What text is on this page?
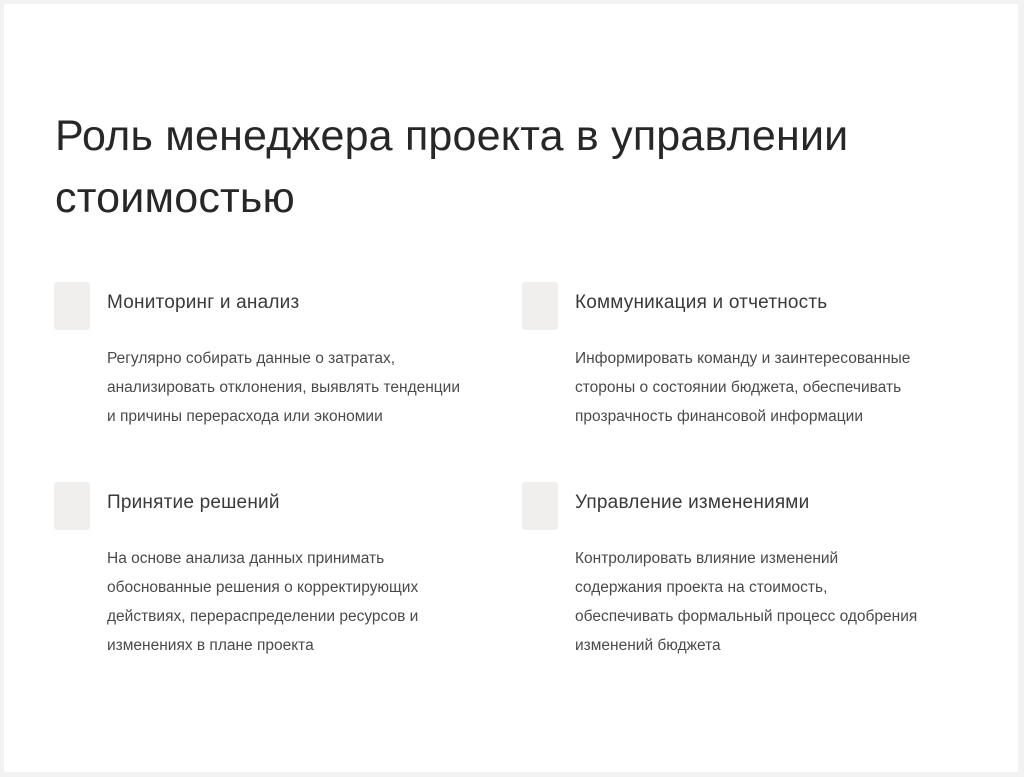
Роль менеджера проекта в управлении
стоимостью
Мониторинг и анализ

Регулярно собирать данные о затратах,
анализировать отклонения, выявлять тенденции
и причины перерасхода или экономии

Коммуникация и отчетность

Информировать команду и заинтересованные
стороны о состоянии бюджета, обеспечивать
прозрачность финансовой информации

Принятие решений

На основе анализа данных принимать
обоснованные решения о корректирующих
действиях, перераспределении ресурсов и
изменениях в плане проекта

Управление изменениями

Контролировать влияние изменений
содержания проекта на стоимость,
обеспечивать формальный процесс одобрения
изменений бюджета
